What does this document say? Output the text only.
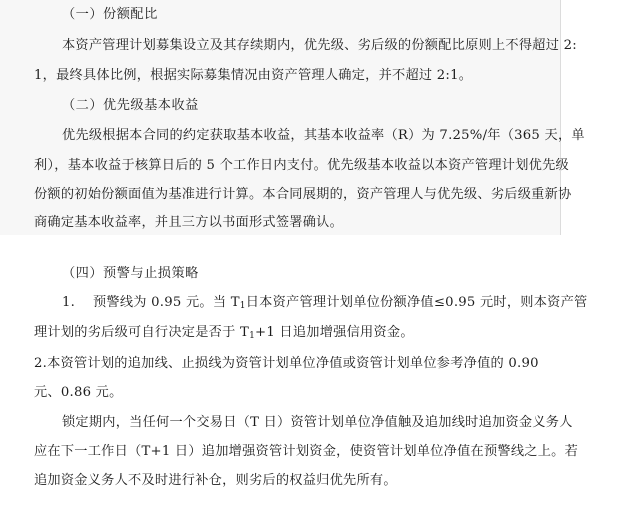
（一）份额配比
本资产管理计划募集设立及其存续期内，优先级、劣后级的份额配比原则上不得超过 2:
1，最终具体比例，根据实际募集情况由资产管理人确定，并不超过 2:1。
（二）优先级基本收益
优先级根据本合同的约定获取基本收益，其基本收益率（R）为 7.25%/年（365 天，单
利），基本收益于核算日后的 5 个工作日内支付。优先级基本收益以本资产管理计划优先级
份额的初始份额面值为基准进行计算。本合同展期的，资产管理人与优先级、劣后级重新协
商确定基本收益率，并且三方以书面形式签署确认。
（四）预警与止损策略
1.　 预警线为 0.95 元。当 $T_1$日本资产管理计划单位份额净值≤0.95 元时，则本资产管
理计划的劣后级可自行决定是否于 $T_1+1$ 日追加增强信用资金。
2.本资管计划的追加线、止损线为资管计划单位净值或资管计划单位参考净值的 0.90
元、0.86 元。
锁定期内，当任何一个交易日（T 日）资管计划单位净值触及追加线时追加资金义务人
应在下一工作日（T+1 日）追加增强资管计划资金，使资管计划单位净值在预警线之上。若
追加资金义务人不及时进行补仓，则劣后的权益归优先所有。
